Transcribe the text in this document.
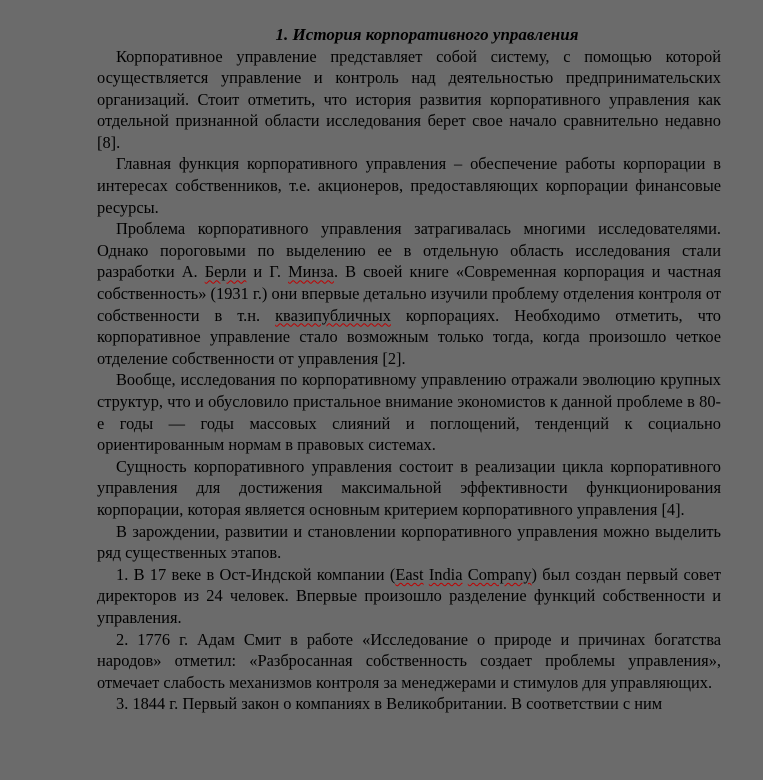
1. История корпоративного управления

Корпоративное управление представляет собой систему, с помощью которой осуществляется управление и контроль над деятельностью предпринимательских организаций. Стоит отметить, что история развития корпоративного управления как отдельной признанной области исследования берет свое начало сравнительно недавно [8].

Главная функция корпоративного управления – обеспечение работы корпорации в интересах собственников, т.е. акционеров, предоставляющих корпорации финансовые ресурсы.

Проблема корпоративного управления затрагивалась многими исследователями. Однако пороговыми по выделению ее в отдельную область исследования стали разработки А. Берли и Г. Минза. В своей книге «Современная корпорация и частная собственность» (1931 г.) они впервые детально изучили проблему отделения контроля от собственности в т.н. квазипубличных корпорациях. Необходимо отметить, что корпоративное управление стало возможным только тогда, когда произошло четкое отделение собственности от управления [2].

Вообще, исследования по корпоративному управлению отражали эволюцию крупных структур, что и обусловило пристальное внимание экономистов к данной проблеме в 80-е годы — годы массовых слияний и поглощений, тенденций к социально ориентированным нормам в правовых системах.

Сущность корпоративного управления состоит в реализации цикла корпоративного управления для достижения максимальной эффективности функционирования корпорации, которая является основным критерием корпоративного управления [4].

В зарождении, развитии и становлении корпоративного управления можно выделить ряд существенных этапов.

1. В 17 веке в Ост-Индской компании (East India Company) был создан первый совет директоров из 24 человек. Впервые произошло разделение функций собственности и управления.

2. 1776 г. Адам Смит в работе «Исследование о природе и причинах богатства народов» отметил: «Разбросанная собственность создает проблемы управления», отмечает слабость механизмов контроля за менеджерами и стимулов для управляющих.

3. 1844 г. Первый закон о компаниях в Великобритании. В соответствии с ним
